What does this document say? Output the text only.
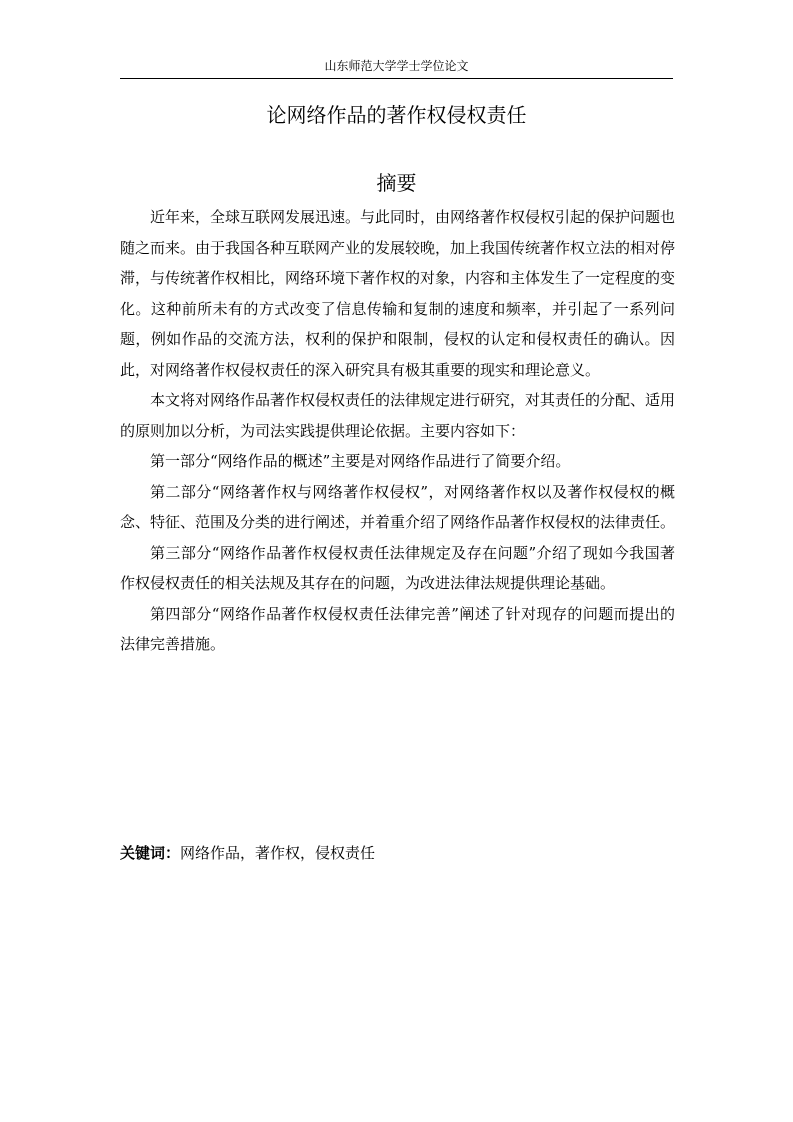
山东师范大学学士学位论文
论网络作品的著作权侵权责任
摘要

近年来，全球互联网发展迅速。与此同时，由网络著作权侵权引起的保护问题也随之而来。由于我国各种互联网产业的发展较晚，加上我国传统著作权立法的相对停滞，与传统著作权相比，网络环境下著作权的对象，内容和主体发生了一定程度的变化。这种前所未有的方式改变了信息传输和复制的速度和频率，并引起了一系列问题，例如作品的交流方法，权利的保护和限制，侵权的认定和侵权责任的确认。因此，对网络著作权侵权责任的深入研究具有极其重要的现实和理论意义。

本文将对网络作品著作权侵权责任的法律规定进行研究，对其责任的分配、适用的原则加以分析，为司法实践提供理论依据。主要内容如下：

第一部分“网络作品的概述”主要是对网络作品进行了简要介绍。

第二部分“网络著作权与网络著作权侵权”，对网络著作权以及著作权侵权的概念、特征、范围及分类的进行阐述，并着重介绍了网络作品著作权侵权的法律责任。

第三部分“网络作品著作权侵权责任法律规定及存在问题”介绍了现如今我国著作权侵权责任的相关法规及其存在的问题，为改进法律法规提供理论基础。

第四部分“网络作品著作权侵权责任法律完善”阐述了针对现存的问题而提出的法律完善措施。

关键词：网络作品，著作权，侵权责任
